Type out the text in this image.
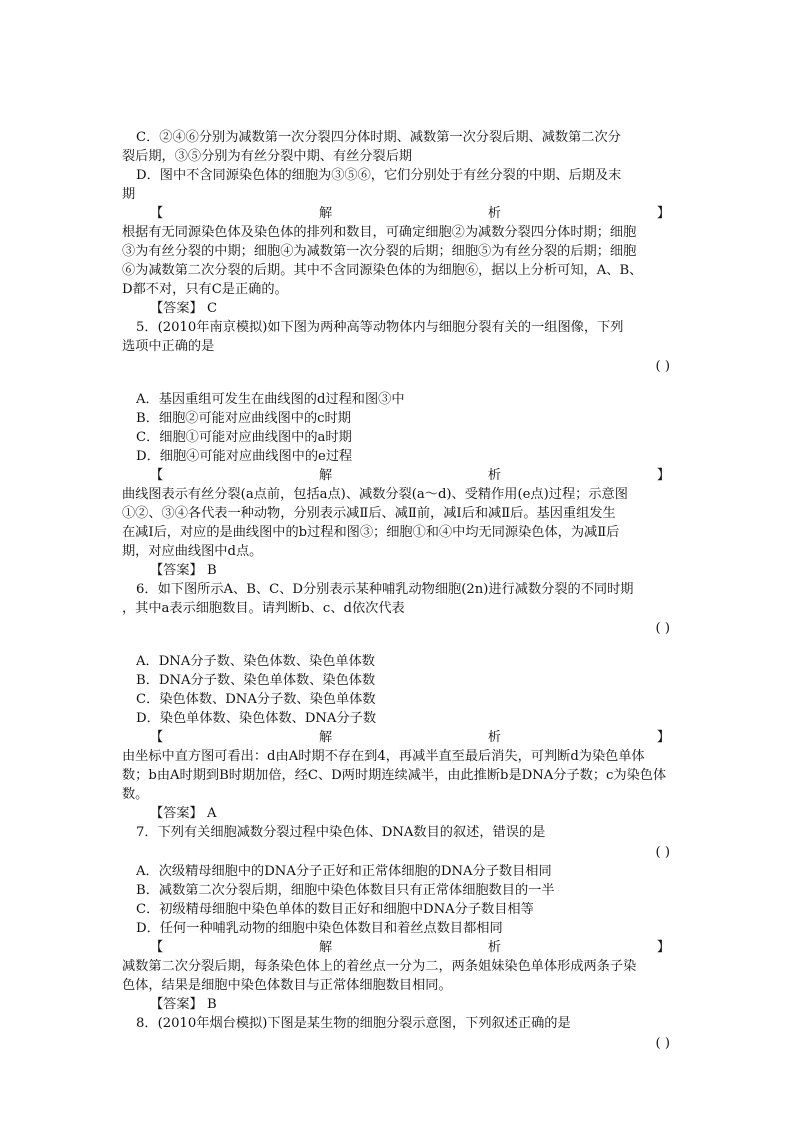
C．②④⑥分别为减数第一次分裂四分体时期、减数第一次分裂后期、减数第二次分
裂后期，③⑤分别为有丝分裂中期、有丝分裂后期
D．图中不含同源染色体的细胞为③⑤⑥，它们分别处于有丝分裂的中期、后期及末
期
【	解	析	】
根据有无同源染色体及染色体的排列和数目，可确定细胞②为减数分裂四分体时期；细胞
③为有丝分裂的中期；细胞④为减数第一次分裂的后期；细胞⑤为有丝分裂的后期；细胞
⑥为减数第二次分裂的后期。其中不含同源染色体的为细胞⑥，据以上分析可知，A、B、
D都不对，只有C是正确的。
【答案】 C
5．(2010年南京模拟)如下图为两种高等动物体内与细胞分裂有关的一组图像，下列
选项中正确的是
( )
A．基因重组可发生在曲线图的d过程和图③中
B．细胞②可能对应曲线图中的c时期
C．细胞①可能对应曲线图中的a时期
D．细胞④可能对应曲线图中的e过程
【	解	析	】
曲线图表示有丝分裂(a点前，包括a点)、减数分裂(a～d)、受精作用(e点)过程；示意图
①②、③④各代表一种动物，分别表示减Ⅱ后、减Ⅱ前，减Ⅰ后和减Ⅱ后。基因重组发生
在减Ⅰ后，对应的是曲线图中的b过程和图③；细胞①和④中均无同源染色体，为减Ⅱ后
期，对应曲线图中d点。
【答案】 B
6．如下图所示A、B、C、D分别表示某种哺乳动物细胞(2n)进行减数分裂的不同时期
，其中a表示细胞数目。请判断b、c、d依次代表
( )
A．DNA分子数、染色体数、染色单体数
B．DNA分子数、染色单体数、染色体数
C．染色体数、DNA分子数、染色单体数
D．染色单体数、染色体数、DNA分子数
【	解	析	】
由坐标中直方图可看出：d由A时期不存在到4，再减半直至最后消失，可判断d为染色单体
数；b由A时期到B时期加倍，经C、D两时期连续减半，由此推断b是DNA分子数；c为染色体
数。
【答案】 A
7．下列有关细胞减数分裂过程中染色体、DNA数目的叙述，错误的是
( )
A．次级精母细胞中的DNA分子正好和正常体细胞的DNA分子数目相同
B．减数第二次分裂后期，细胞中染色体数目只有正常体细胞数目的一半
C．初级精母细胞中染色单体的数目正好和细胞中DNA分子数目相等
D．任何一种哺乳动物的细胞中染色体数目和着丝点数目都相同
【	解	析	】
减数第二次分裂后期，每条染色体上的着丝点一分为二，两条姐妹染色单体形成两条子染
色体，结果是细胞中染色体数目与正常体细胞数目相同。
【答案】 B
8．(2010年烟台模拟)下图是某生物的细胞分裂示意图，下列叙述正确的是
( )
